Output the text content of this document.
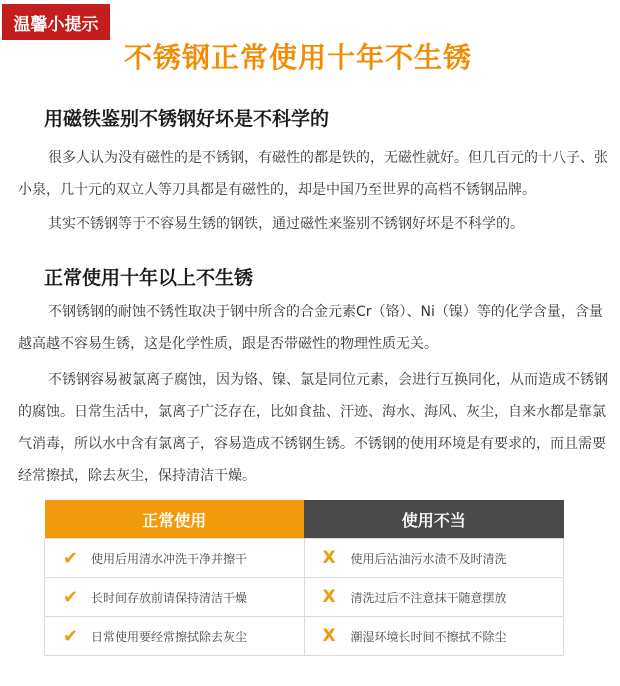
温馨小提示
不锈钢正常使用十年不生锈
用磁铁鉴别不锈钢好坏是不科学的

很多人认为没有磁性的是不锈钢，有磁性的都是铁的，无磁性就好。但几百元的十八子、张小泉，几十元的双立人等刀具都是有磁性的，却是中国乃至世界的高档不锈钢品牌。

其实不锈钢等于不容易生锈的钢铁，通过磁性来鉴别不锈钢好坏是不科学的。

正常使用十年以上不生锈

不钢锈钢的耐蚀不锈性取决于钢中所含的合金元素Cr（铬）、Ni（镍）等的化学含量，含量越高越不容易生锈，这是化学性质，跟是否带磁性的物理性质无关。

不锈钢容易被氯离子腐蚀，因为铬、镍、氯是同位元素，会进行互换同化，从而造成不锈钢的腐蚀。日常生活中，氯离子广泛存在，比如食盐、汗迹、海水、海风、灰尘，自来水都是靠氯气消毒，所以水中含有氯离子，容易造成不锈钢生锈。不锈钢的使用环境是有要求的，而且需要经常擦拭，除去灰尘，保持清洁干燥。

正常使用	使用不当

✔ 使用后用清水冲洗干净并擦干	X 使用后沾油污水渍不及时清洗

✔ 长时间存放前请保持清洁干燥	X 清洗过后不注意抹干随意摆放

✔ 日常使用要经常擦拭除去灰尘	X 潮湿环境长时间不擦拭不除尘
